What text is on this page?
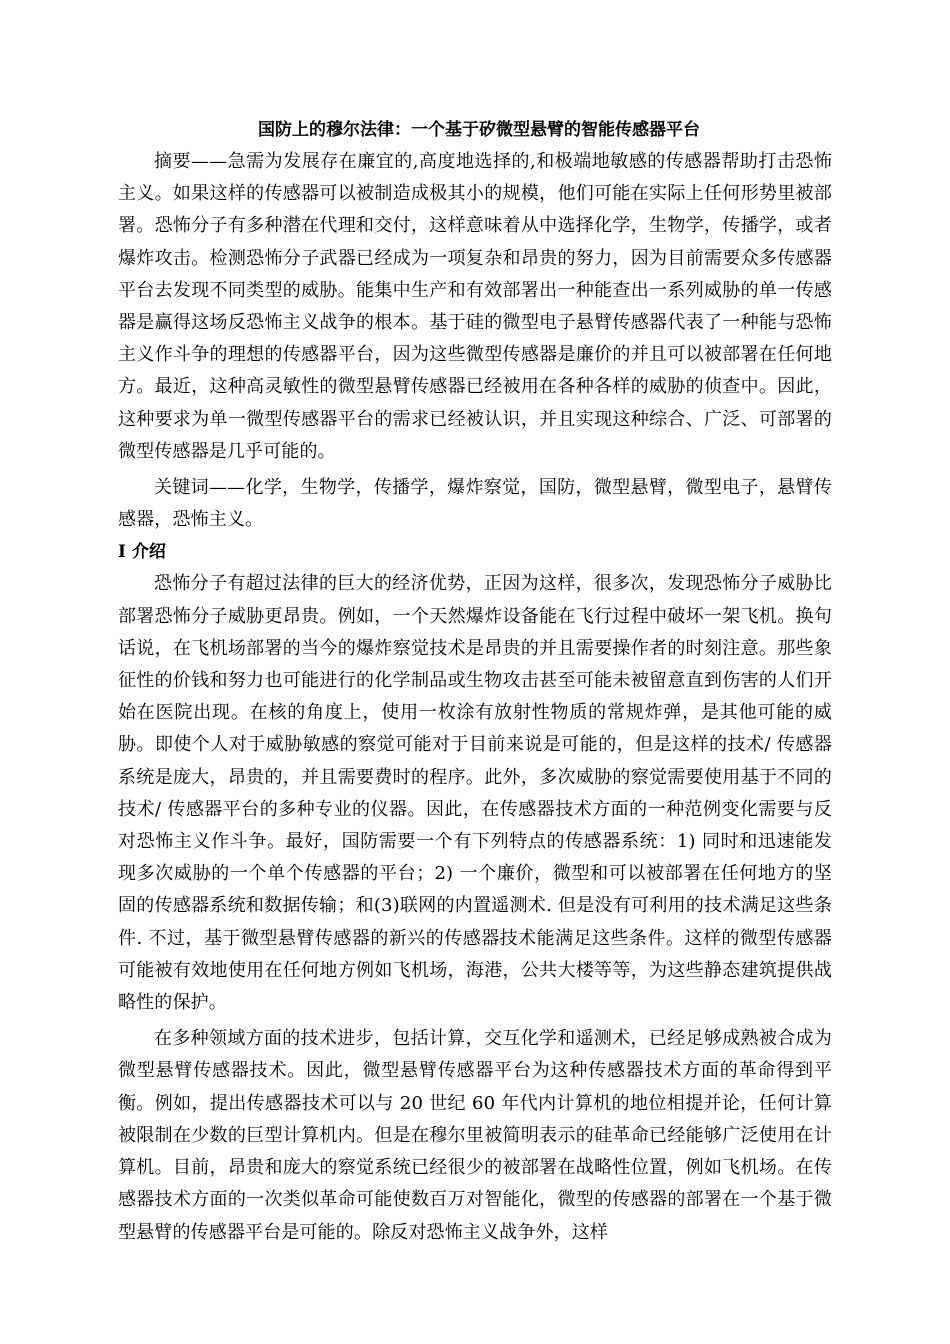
国防上的穆尔法律：一个基于矽微型悬臂的智能传感器平台

摘要——急需为发展存在廉宜的,高度地选择的,和极端地敏感的传感器帮助打击恐怖主义。如果这样的传感器可以被制造成极其小的规模，他们可能在实际上任何形势里被部署。恐怖分子有多种潜在代理和交付，这样意味着从中选择化学，生物学，传播学，或者爆炸攻击。检测恐怖分子武器已经成为一项复杂和昂贵的努力，因为目前需要众多传感器平台去发现不同类型的威胁。能集中生产和有效部署出一种能查出一系列威胁的单一传感器是赢得这场反恐怖主义战争的根本。基于硅的微型电子悬臂传感器代表了一种能与恐怖主义作斗争的理想的传感器平台，因为这些微型传感器是廉价的并且可以被部署在任何地方。最近，这种高灵敏性的微型悬臂传感器已经被用在各种各样的威胁的侦查中。因此， 这种要求为单一微型传感器平台的需求已经被认识，并且实现这种综合、广泛、可部署的微型传感器是几乎可能的。

关键词——化学，生物学，传播学，爆炸察觉，国防，微型悬臂，微型电子，悬臂传感器，恐怖主义。

I 介绍

恐怖分子有超过法律的巨大的经济优势，正因为这样，很多次，发现恐怖分子威胁比部署恐怖分子威胁更昂贵。例如，一个天然爆炸设备能在飞行过程中破坏一架飞机。换句话说，在飞机场部署的当今的爆炸察觉技术是昂贵的并且需要操作者的时刻注意。那些象征性的价钱和努力也可能进行的化学制品或生物攻击甚至可能未被留意直到伤害的人们开始在医院出现。在核的角度上，使用一枚涂有放射性物质的常规炸弹，是其他可能的威胁。即使个人对于威胁敏感的察觉可能对于目前来说是可能的，但是这样的技术/ 传感器系统是庞大，昂贵的，并且需要费时的程序。此外，多次威胁的察觉需要使用基于不同的技术/ 传感器平台的多种专业的仪器。因此，在传感器技术方面的一种范例变化需要与反对恐怖主义作斗争。最好，国防需要一个有下列特点的传感器系统：1) 同时和迅速能发现多次威胁的一个单个传感器的平台；2) 一个廉价，微型和可以被部署在任何地方的坚固的传感器系统和数据传输；和(3)联网的内置遥测术. 但是没有可利用的技术满足这些条件. 不过，基于微型悬臂传感器的新兴的传感器技术能满足这些条件。这样的微型传感器可能被有效地使用在任何地方例如飞机场，海港，公共大楼等等，为这些静态建筑提供战略性的保护。

在多种领域方面的技术进步，包括计算，交互化学和遥测术，已经足够成熟被合成为微型悬臂传感器技术。因此，微型悬臂传感器平台为这种传感器技术方面的革命得到平衡。例如，提出传感器技术可以与 20 世纪 60 年代内计算机的地位相提并论，任何计算被限制在少数的巨型计算机内。但是在穆尔里被简明表示的硅革命已经能够广泛使用在计算机。目前，昂贵和庞大的察觉系统已经很少的被部署在战略性位置，例如飞机场。在传感器技术方面的一次类似革命可能使数百万对智能化，微型的传感器的部署在一个基于微型悬臂的传感器平台是可能的。除反对恐怖主义战争外，这样
